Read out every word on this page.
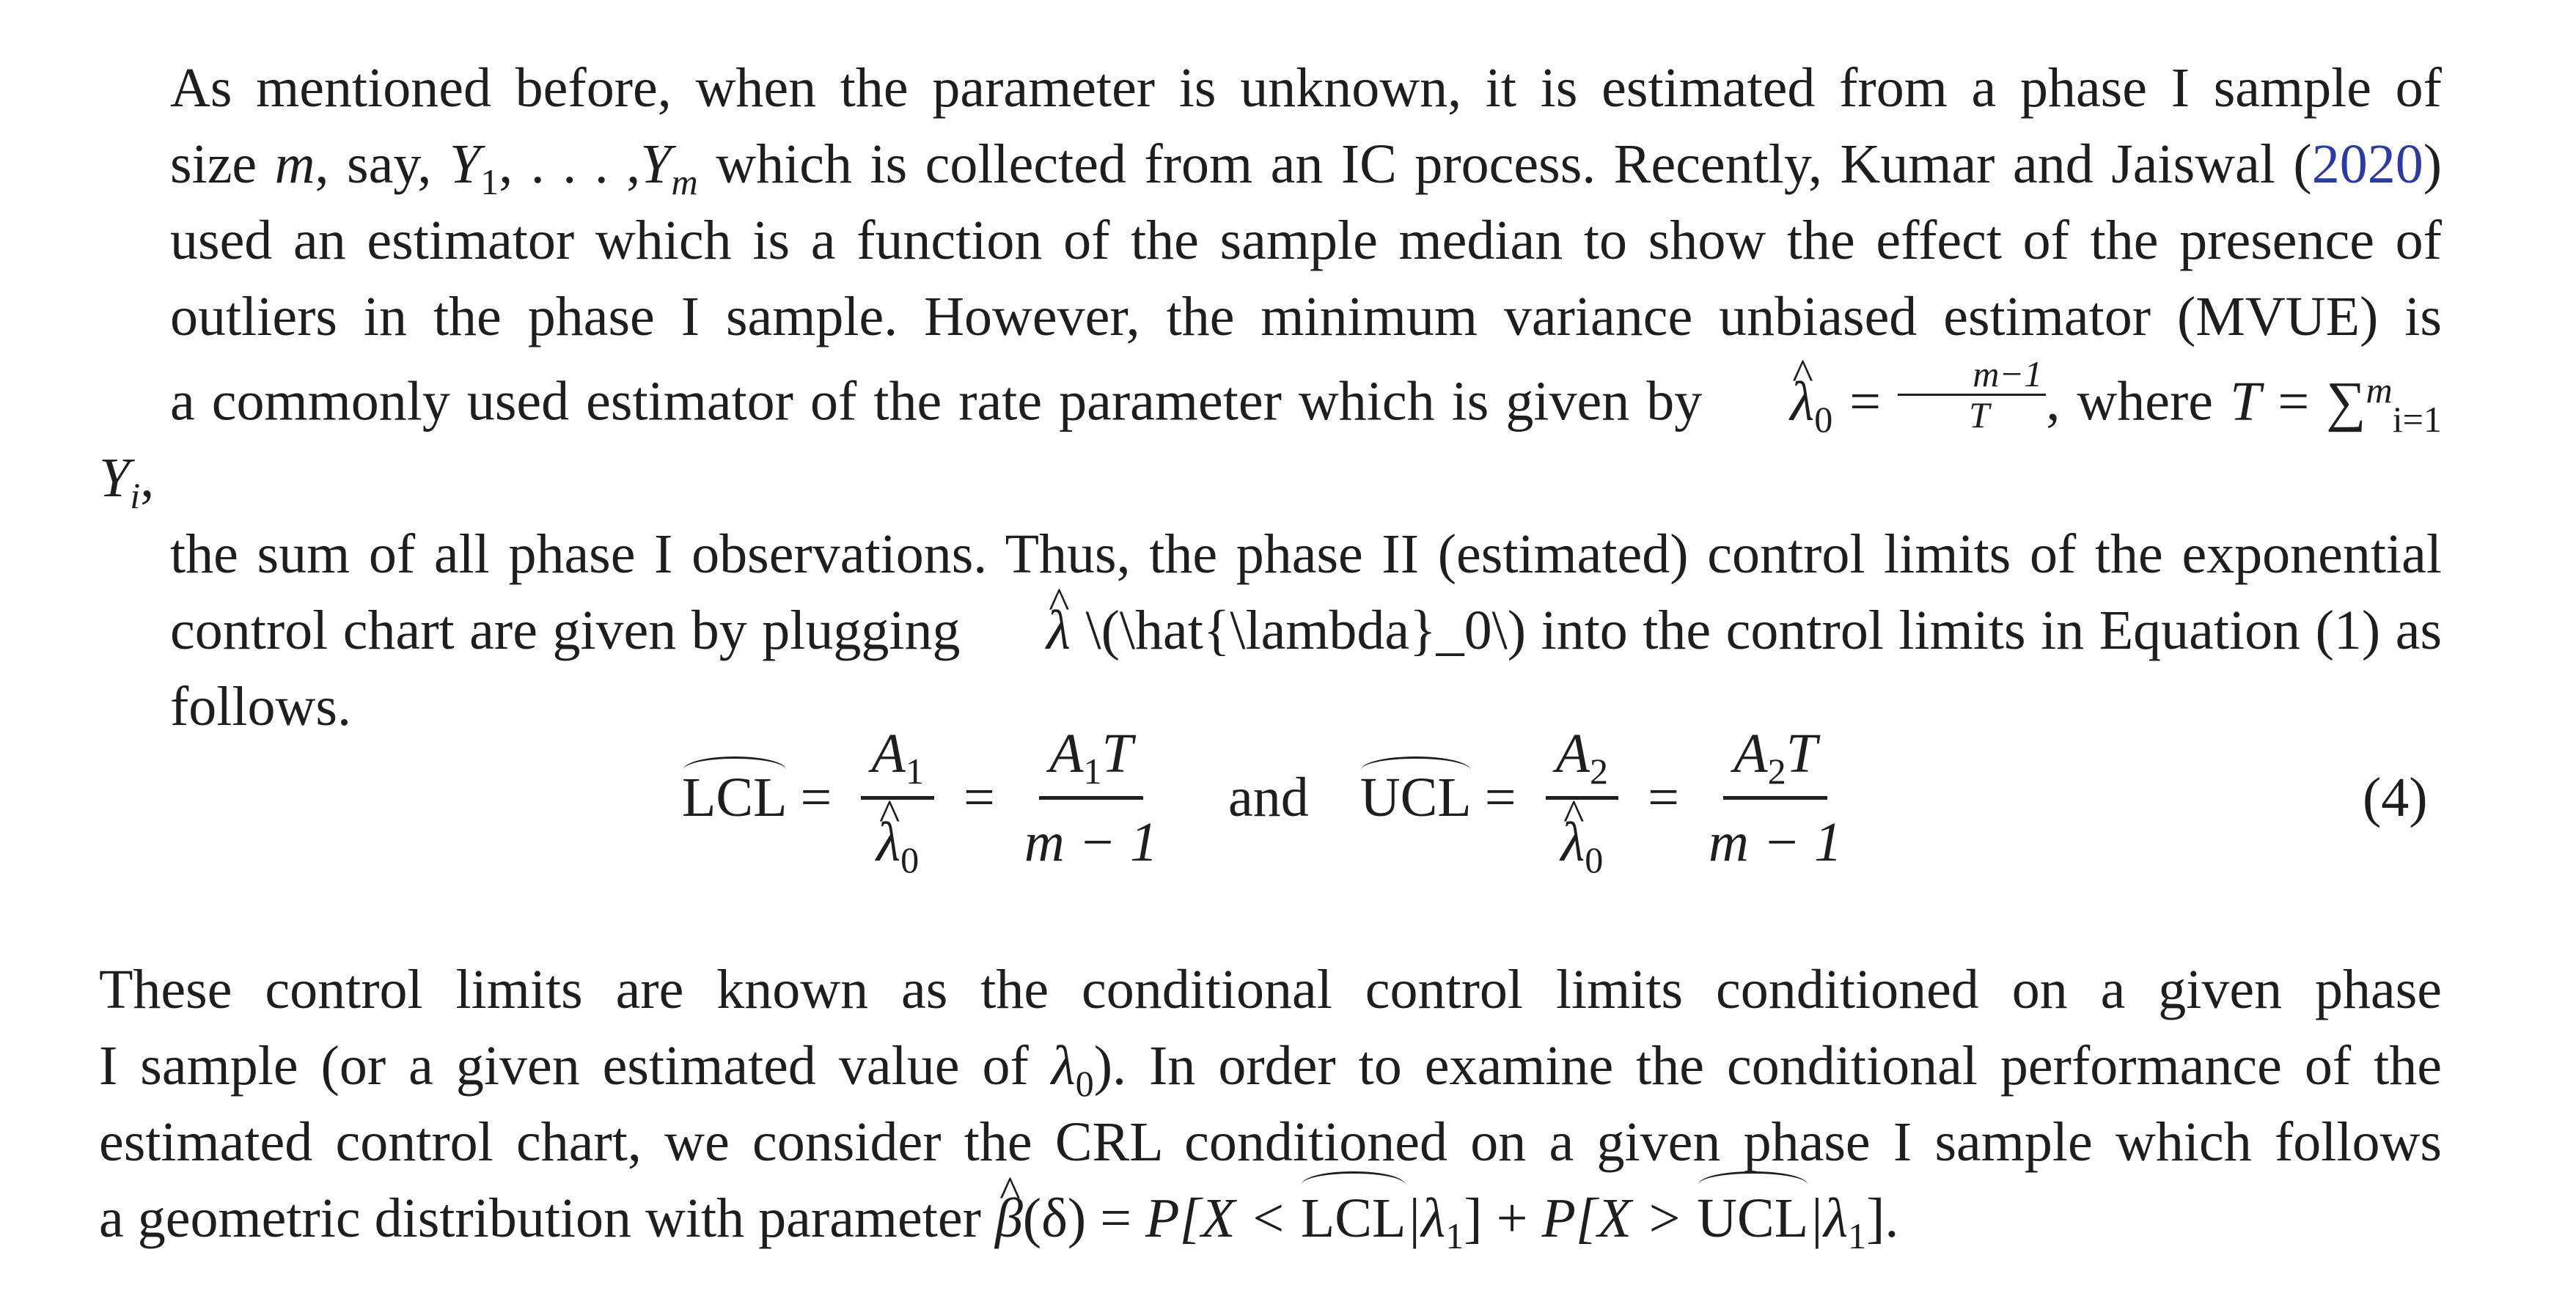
As mentioned before, when the parameter is unknown, it is estimated from a phase I sample of
size m, say, $Y_1$, . . . $,Y_m$ which is collected from an IC process. Recently, Kumar and Jaiswal (2020)
used an estimator which is a function of the sample median to show the effect of the presence of
outliers in the phase I sample. However, the minimum variance unbiased estimator (MVUE) is
a commonly used estimator of the rate parameter which is given by ^ $\lambda_0 = \frac{m-1}{T}$ , where T = ∑$^m_{i=1}$ $Y_i$,
the sum of all phase I observations. Thus, the phase II (estimated) control limits of the exponential
control chart are given by plugging ^ λ \(\hat{\lambda}_0\) into the control limits in Equation (1) as
follows.
LCL = $A_1$
^ $\lambda_0 = \frac{A_1T}{m - 1}$ and UCL = $A_2$
^ $\lambda_0 = \frac{A_2T}{m - 1}$	(4)
These control limits are known as the conditional control limits conditioned on a given phase
I sample (or a given estimated value of $\lambda_0$). In order to examine the conditional performance of the
estimated control chart, we consider the CRL conditioned on a given phase I sample which follows
a geometric distribution with parameter ^ $\beta(\delta) = P[X < LCL|\lambda_1] + P[X > UCL|\lambda_1]$.
